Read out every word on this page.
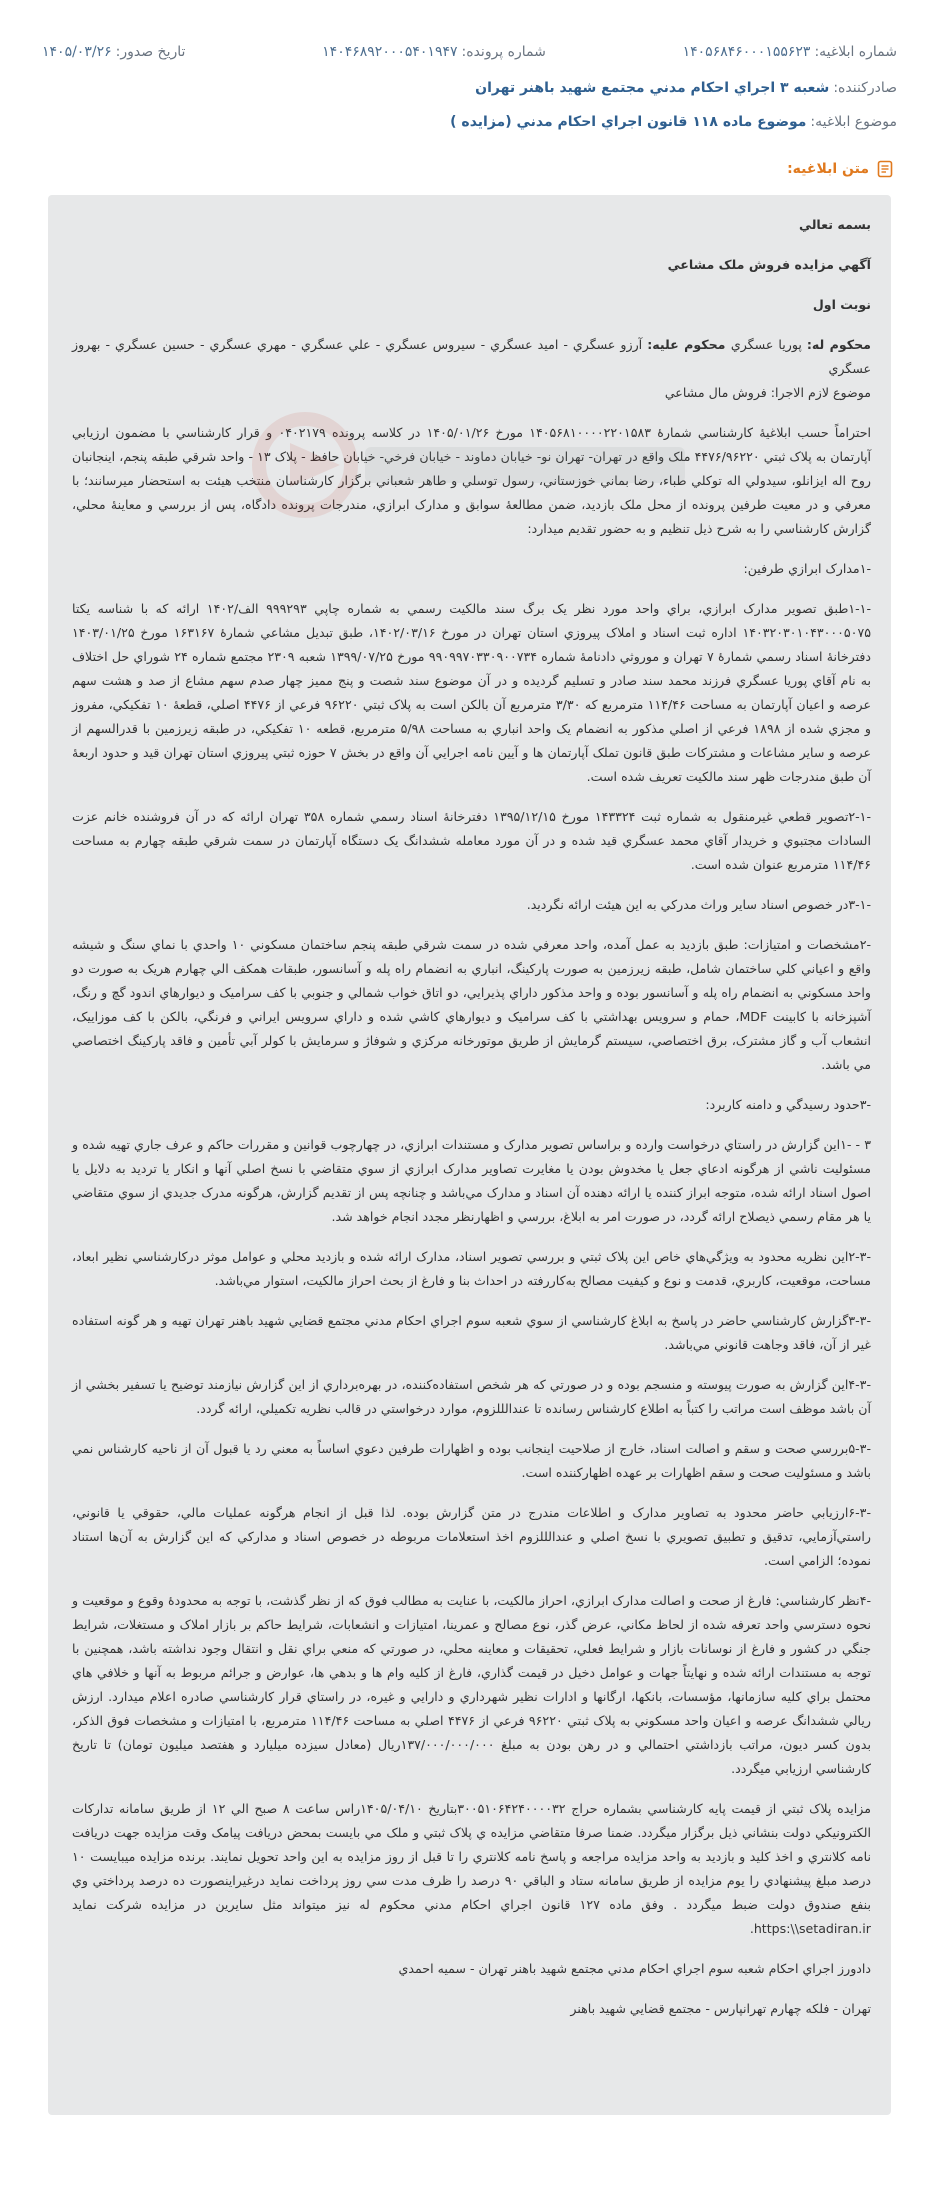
شماره ابلاغيه:۱۴۰۵۶۸۴۶۰۰۰۱۵۵۶۲۳
شماره پرونده:۱۴۰۴۶۸۹۲۰۰۰۵۴۰۱۹۴۷
تاريخ صدور:۱۴۰۵/۰۳/۲۶
صادرکننده:شعبه ۳ اجراي احکام مدني مجتمع شهيد باهنر تهران
موضوع ابلاغيه:موضوع ماده ۱۱۸ قانون اجراي احکام مدني (مزايده )
متن ابلاغيه:

بسمه تعالي

آگهي مزايده فروش ملک مشاعي

نوبت اول

محکوم له: پوريا عسگري محکوم عليه: آرزو عسگري - اميد عسگري - سيروس عسگري - علي عسگري - مهري عسگري - حسين عسگري - بهروز عسگري

موضوع لازم الاجرا: فروش مال مشاعي

احتراماً حسب ابلاغيۀ کارشناسي شمارۀ ۱۴۰۵۶۸۱۰۰۰۰۲۲۰۱۵۸۳ مورخ ۱۴۰۵/۰۱/۲۶ در کلاسه پرونده ۰۴۰۲۱۷۹ و قرار کارشناسي با مضمون ارزيابي آپارتمان به پلاک ثبتي ۴۴۷۶/۹۶۲۲۰ ملک واقع در تهران- تهران نو- خيابان دماوند - خيابان فرخي- خيابان حافظ - پلاک ۱۳ - واحد شرقي طبقه پنجم، اينجانبان روح اله ايزانلو، سيدولي اله توکلي طباء، رضا بماني خوزستاني، رسول توسلي و طاهر شعباني برگزار کارشناسان منتخب هيئت به استحضار ميرسانند؛ با معرفي و در معيت طرفين پرونده از محل ملک بازديد، ضمن مطالعۀ سوابق و مدارک ابرازي، مندرجات پرونده دادگاه، پس از بررسي و معاينۀ محلي، گزارش کارشناسي را به شرح ذيل تنظيم و به حضور تقديم ميدارد:

-۱مدارک ابرازي طرفين:

-۱-۱طبق تصوير مدارک ابرازي، براي واحد مورد نظر يک برگ سند مالکيت رسمي به شماره چاپي ۹۹۹۲۹۳ الف/۱۴۰۲ ارائه که با شناسه يکتا ۱۴۰۳۲۰۳۰۱۰۴۳۰۰۰۵۰۷۵ اداره ثبت اسناد و املاک پيروزي استان تهران در مورخ ۱۴۰۲/۰۳/۱۶، طبق تبديل مشاعي شمارۀ ۱۶۳۱۶۷ مورخ ۱۴۰۳/۰۱/۲۵ دفترخانۀ اسناد رسمي شمارۀ ۷ تهران و موروثي دادنامۀ شماره ۹۹۰۹۹۷۰۳۳۰۹۰۰۷۳۴ مورخ ۱۳۹۹/۰۷/۲۵ شعبه ۲۳۰۹ مجتمع شماره ۲۴ شوراي حل اختلاف به نام آقاي پوريا عسگري فرزند محمد سند صادر و تسليم گرديده و در آن موضوع سند شصت و پنج مميز چهار صدم سهم مشاع از صد و هشت سهم عرصه و اعيان آپارتمان به مساحت ۱۱۴/۴۶ مترمربع که ۳/۳۰ مترمربع آن بالکن است به پلاک ثبتي ۹۶۲۲۰ فرعي از ۴۴۷۶ اصلي، قطعۀ ۱۰ تفکيکي، مفروز و مجزي شده از ۱۸۹۸ فرعي از اصلي مذکور به انضمام يک واحد انباري به مساحت ۵/۹۸ مترمربع، قطعه ۱۰ تفکيکي، در طبقه زيرزمين با قدرالسهم از عرصه و ساير مشاعات و مشترکات طبق قانون تملک آپارتمان ها و آيين نامه اجرايي آن واقع در بخش ۷ حوزه ثبتي پيروزي استان تهران قيد و حدود اربعۀ آن طبق مندرجات ظهر سند مالکيت تعريف شده است.

-۲-۱تصوير قطعي غيرمنقول به شماره ثبت ۱۴۳۳۲۴ مورخ ۱۳۹۵/۱۲/۱۵ دفترخانۀ اسناد رسمي شماره ۳۵۸ تهران ارائه که در آن فروشنده خانم عزت السادات مجتبوي و خريدار آقاي محمد عسگري قيد شده و در آن مورد معامله ششدانگ يک دستگاه آپارتمان در سمت شرقي طبقه چهارم به مساحت ۱۱۴/۴۶ مترمربع عنوان شده است.

-۳-۱در خصوص اسناد ساير وراث مدرکي به اين هيئت ارائه نگرديد.

-۲مشخصات و امتيازات: طبق بازديد به عمل آمده، واحد معرفي شده در سمت شرقي طبقه پنجم ساختمان مسکوني ۱۰ واحدي با نماي سنگ و شيشه واقع و اعياني کلي ساختمان شامل، طبقه زيرزمين به صورت پارکينگ، انباري به انضمام راه پله و آسانسور، طبقات همکف الي چهارم هريک به صورت دو واحد مسکوني به انضمام راه پله و آسانسور بوده و واحد مذکور داراي پذيرايي، دو اتاق خواب شمالي و جنوبي با کف سراميک و ديوارهاي اندود گچ و رنگ، آشپزخانه با کابينت MDF، حمام و سرويس بهداشتي با کف سراميک و ديوارهاي کاشي شده و داراي سرويس ايراني و فرنگي، بالکن با کف موزاييک، انشعاب آب و گاز مشترک، برق اختصاصي، سيستم گرمايش از طريق موتورخانه مرکزي و شوفاژ و سرمايش با کولر آبي تأمين و فاقد پارکينگ اختصاصي مي باشد.

-۳حدود رسيدگي و دامنه کاربرد:

۳ - -۱اين گزارش در راستاي درخواست وارده و براساس تصوير مدارک و مستندات ابرازي، در چهارچوب قوانين و مقررات حاکم و عرف جاري تهيه شده و مسئوليت ناشي از هرگونه ادعاي جعل يا مخدوش بودن يا مغايرت تصاوير مدارک ابرازي از سوي متقاضي با نسخ اصلي آنها و انکار يا ترديد به دلايل يا اصول اسناد ارائه شده، متوجه ابراز کننده يا ارائه دهنده آن اسناد و مدارک مي‌باشد و چنانچه پس از تقديم گزارش، هرگونه مدرک جديدي از سوي متقاضي يا هر مقام رسمي ذيصلاح ارائه گردد، در صورت امر به ابلاغ، بررسي و اظهارنظر مجدد انجام خواهد شد.

-۲-۳اين نظريه محدود به ويژگي‌هاي خاص اين پلاک ثبتي و بررسي تصوير اسناد، مدارک ارائه شده و بازديد محلي و عوامل موثر درکارشناسي نظير ابعاد، مساحت، موقعيت، کاربري، قدمت و نوع و کيفيت مصالح به‌کاررفته در احداث بنا و فارغ از بحث احراز مالکيت، استوار مي‌باشد.

-۳-۳گزارش کارشناسي حاضر در پاسخ به ابلاغ کارشناسي از سوي شعبه سوم اجراي احکام مدني مجتمع قضايي شهيد باهنر تهران تهيه و هر گونه استفاده غير از آن، فاقد وجاهت قانوني مي‌باشد.

-۴-۳اين گزارش به صورت پيوسته و منسجم بوده و در صورتي که هر شخص استفاده‌کننده، در بهره‌برداري از اين گزارش نيازمند توضيح يا تسفير بخشي از آن باشد موظف است مراتب را کتباً به اطلاع کارشناس رسانده تا عندالللزوم، موارد درخواستي در قالب نظريه تکميلي، ارائه گردد.

-۵-۳بررسي صحت و سقم و اصالت اسناد، خارج از صلاحيت اينجانب بوده و اظهارات طرفين دعوي اساساً به معني رد يا قبول آن از ناحيه کارشناس نمي باشد و مسئوليت صحت و سقم اظهارات بر عهده اظهارکننده است.

-۶-۳ارزيابي حاضر محدود به تصاوير مدارک و اطلاعات مندرج در متن گزارش بوده. لذا قبل از انجام هرگونه عمليات مالي، حقوقي يا قانوني، راستي‌آزمايي، تدقيق و تطبيق تصويري با نسخ اصلي و عندالللزوم اخذ استعلامات مربوطه در خصوص اسناد و مدارکي که اين گزارش به آن‌ها استناد نموده؛ الزامي است.

-۴نظر کارشناسي: فارغ از صحت و اصالت مدارک ابرازي، احراز مالکيت، با عنايت به مطالب فوق که از نظر گذشت، با توجه به محدودۀ وقوع و موقعيت و نحوه دسترسي واحد تعرفه شده از لحاظ مکاني، عرض گذر، نوع مصالح و عمرينا، امتيازات و انشعابات، شرايط حاکم بر بازار املاک و مستغلات، شرايط جنگي در کشور و فارغ از نوسانات بازار و شرايط فعلي، تحقيقات و معاينه محلي، در صورتي که منعي براي نقل و انتقال وجود نداشته باشد، همچنين با توجه به مستندات ارائه شده و نهايتاً جهات و عوامل دخيل در قيمت گذاري، فارغ از کليه وام ها و بدهي ها، عوارض و جرائم مربوط به آنها و خلافي هاي محتمل براي کليه سازمانها، مؤسسات، بانکها، ارگانها و ادارات نظير شهرداري و دارايي و غيره، در راستاي قرار کارشناسي صادره اعلام ميدارد. ارزش ريالي ششدانگ عرصه و اعيان واحد مسکوني به پلاک ثبتي ۹۶۲۲۰ فرعي از ۴۴۷۶ اصلي به مساحت ۱۱۴/۴۶ مترمربع، با امتيازات و مشخصات فوق الذکر، بدون کسر ديون، مراتب بازداشتي احتمالي و در رهن بودن به مبلغ ۱۳۷/۰۰۰/۰۰۰/۰۰۰ريال (معادل سيزده ميليارد و هفتصد ميليون تومان) تا تاريخ کارشناسي ارزيابي ميگردد.

مزايده پلاک ثبتي از قيمت پايه کارشناسي بشماره حراج ۳۰۰۵۱۰۶۴۲۴۰۰۰۰۳۲بتاريخ ۱۴۰۵/۰۴/۱۰راس ساعت ۸ صبح الي ۱۲ از طريق سامانه تدارکات الکترونيکي دولت بنشاني ذيل برگزار ميگردد. ضمنا صرفا متقاضي مزايده ي پلاک ثبتي و ملک مي بايست بمحض دريافت پيامک وقت مزايده جهت دريافت نامه کلانتري و اخذ کليد و بازديد به واحد مزايده مراجعه و پاسخ نامه کلانتري را تا قبل از روز مزايده به اين واحد تحويل نمايند. برنده مزايده ميبايست ۱۰ درصد مبلغ پيشنهادي را يوم مزايده از طريق سامانه ستاد و الباقي ۹۰ درصد را ظرف مدت سي روز پرداخت نمايد درغيراينصورت ده درصد پرداختي وي بنفع صندوق دولت ضبط ميگردد . وفق ماده ۱۲۷ قانون اجراي احکام مدني محکوم له نيز ميتواند مثل سايرين در مزايده شرکت نمايد https:\\setadiran.ir.

دادورز اجراي احکام شعبه سوم اجراي احکام مدني مجتمع شهيد باهنر تهران - سميه احمدي

تهران - فلکه چهارم تهرانپارس - مجتمع قضايي شهيد باهنر
